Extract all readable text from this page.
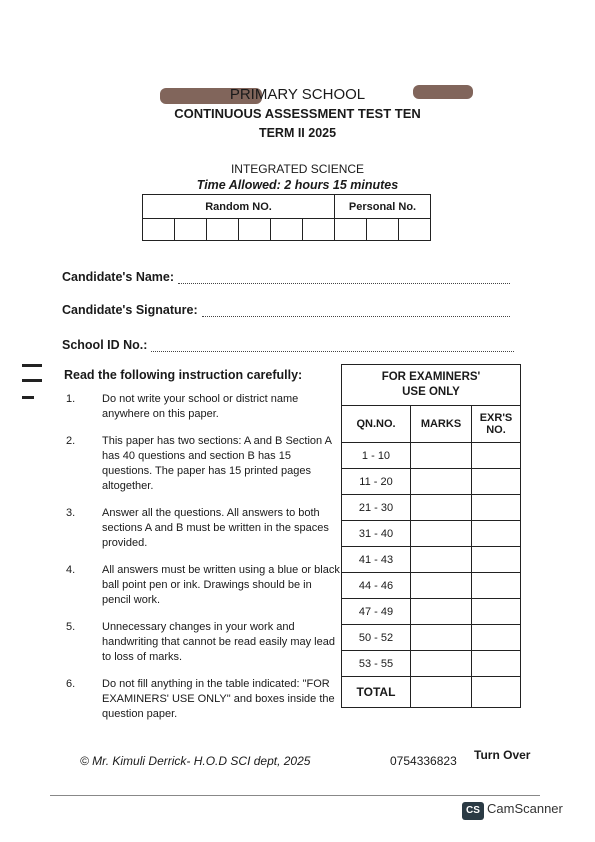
PRIMARY SCHOOL
CONTINUOUS ASSESSMENT TEST TEN
TERM II 2025
INTEGRATED SCIENCE
Time Allowed: 2 hours 15 minutes
Random NO.						Personal No.		

Candidate's Name:
Candidate's Signature:
School ID No.:
Read the following instruction carefully:
1.	Do not write your school or district name anywhere on this paper.
2.	This paper has two sections: A and B Section A has 40 questions and section B has 15 questions. The paper has 15 printed pages altogether.
3.	Answer all the questions. All answers to both sections A and B must be written in the spaces provided.
4.	All answers must be written using a blue or black ball point pen or ink. Drawings should be in pencil work.
5.	Unnecessary changes in your work and handwriting that cannot be read easily may lead to loss of marks.
6.	Do not fill anything in the table indicated: "FOR EXAMINERS' USE ONLY" and boxes inside the question paper.
FOR EXAMINERS'
USE ONLY		

QN.NO.	MARKS	EXR'S NO.
1 - 10		
11 - 20		
21 - 30		
31 - 40		
41 - 43		
44 - 46		
47 - 49		
50 - 52		
53 - 55		
TOTAL		
© Mr. Kimuli Derrick- H.O.D SCI dept, 2025	0754336823 Turn Over
CS CamScanner
